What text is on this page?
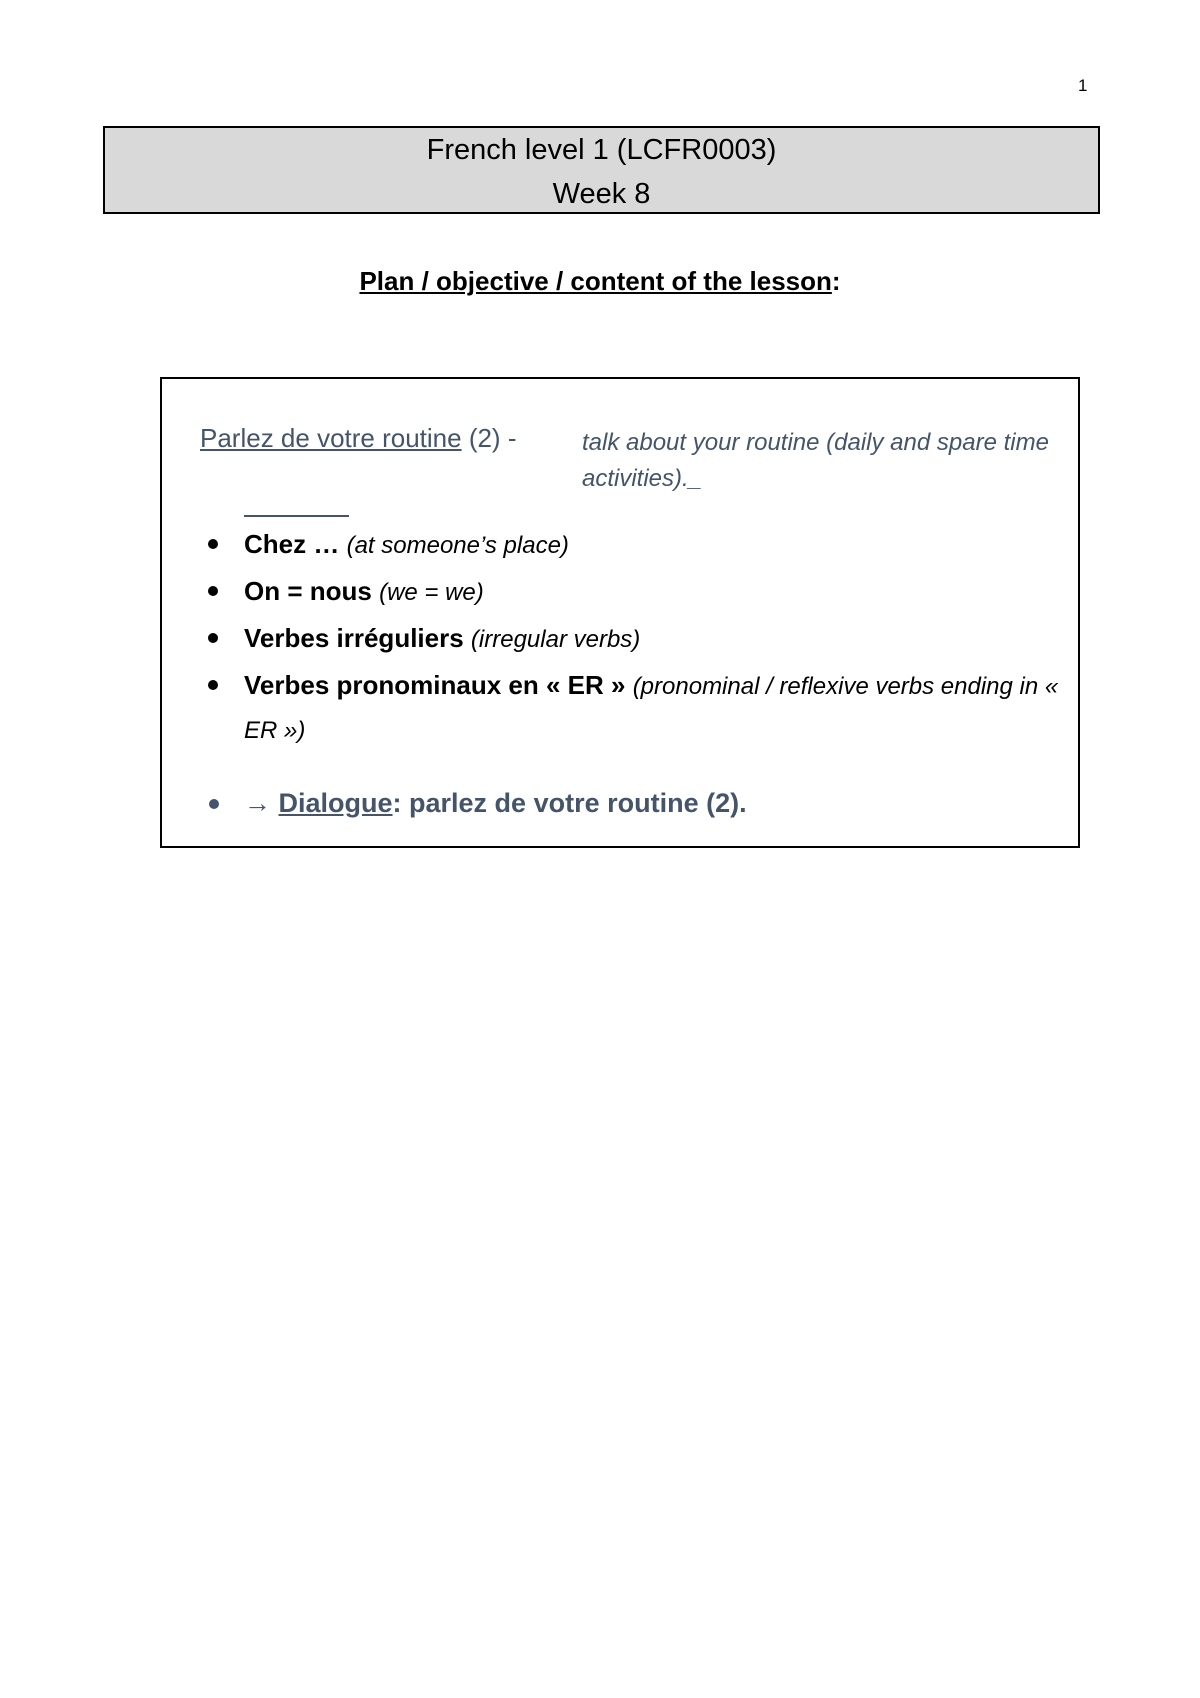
1
French level 1 (LCFR0003)
Week 8
Plan / objective / content of the lesson:
Parlez de votre routine (2) -	talk about your routine (daily and spare time activities)._
Chez … (at someone’s place)
On = nous (we = we)
Verbes irréguliers (irregular verbs)
Verbes pronominaux en « ER » (pronominal / reflexive verbs ending in « ER »)
→ Dialogue: parlez de votre routine (2).
